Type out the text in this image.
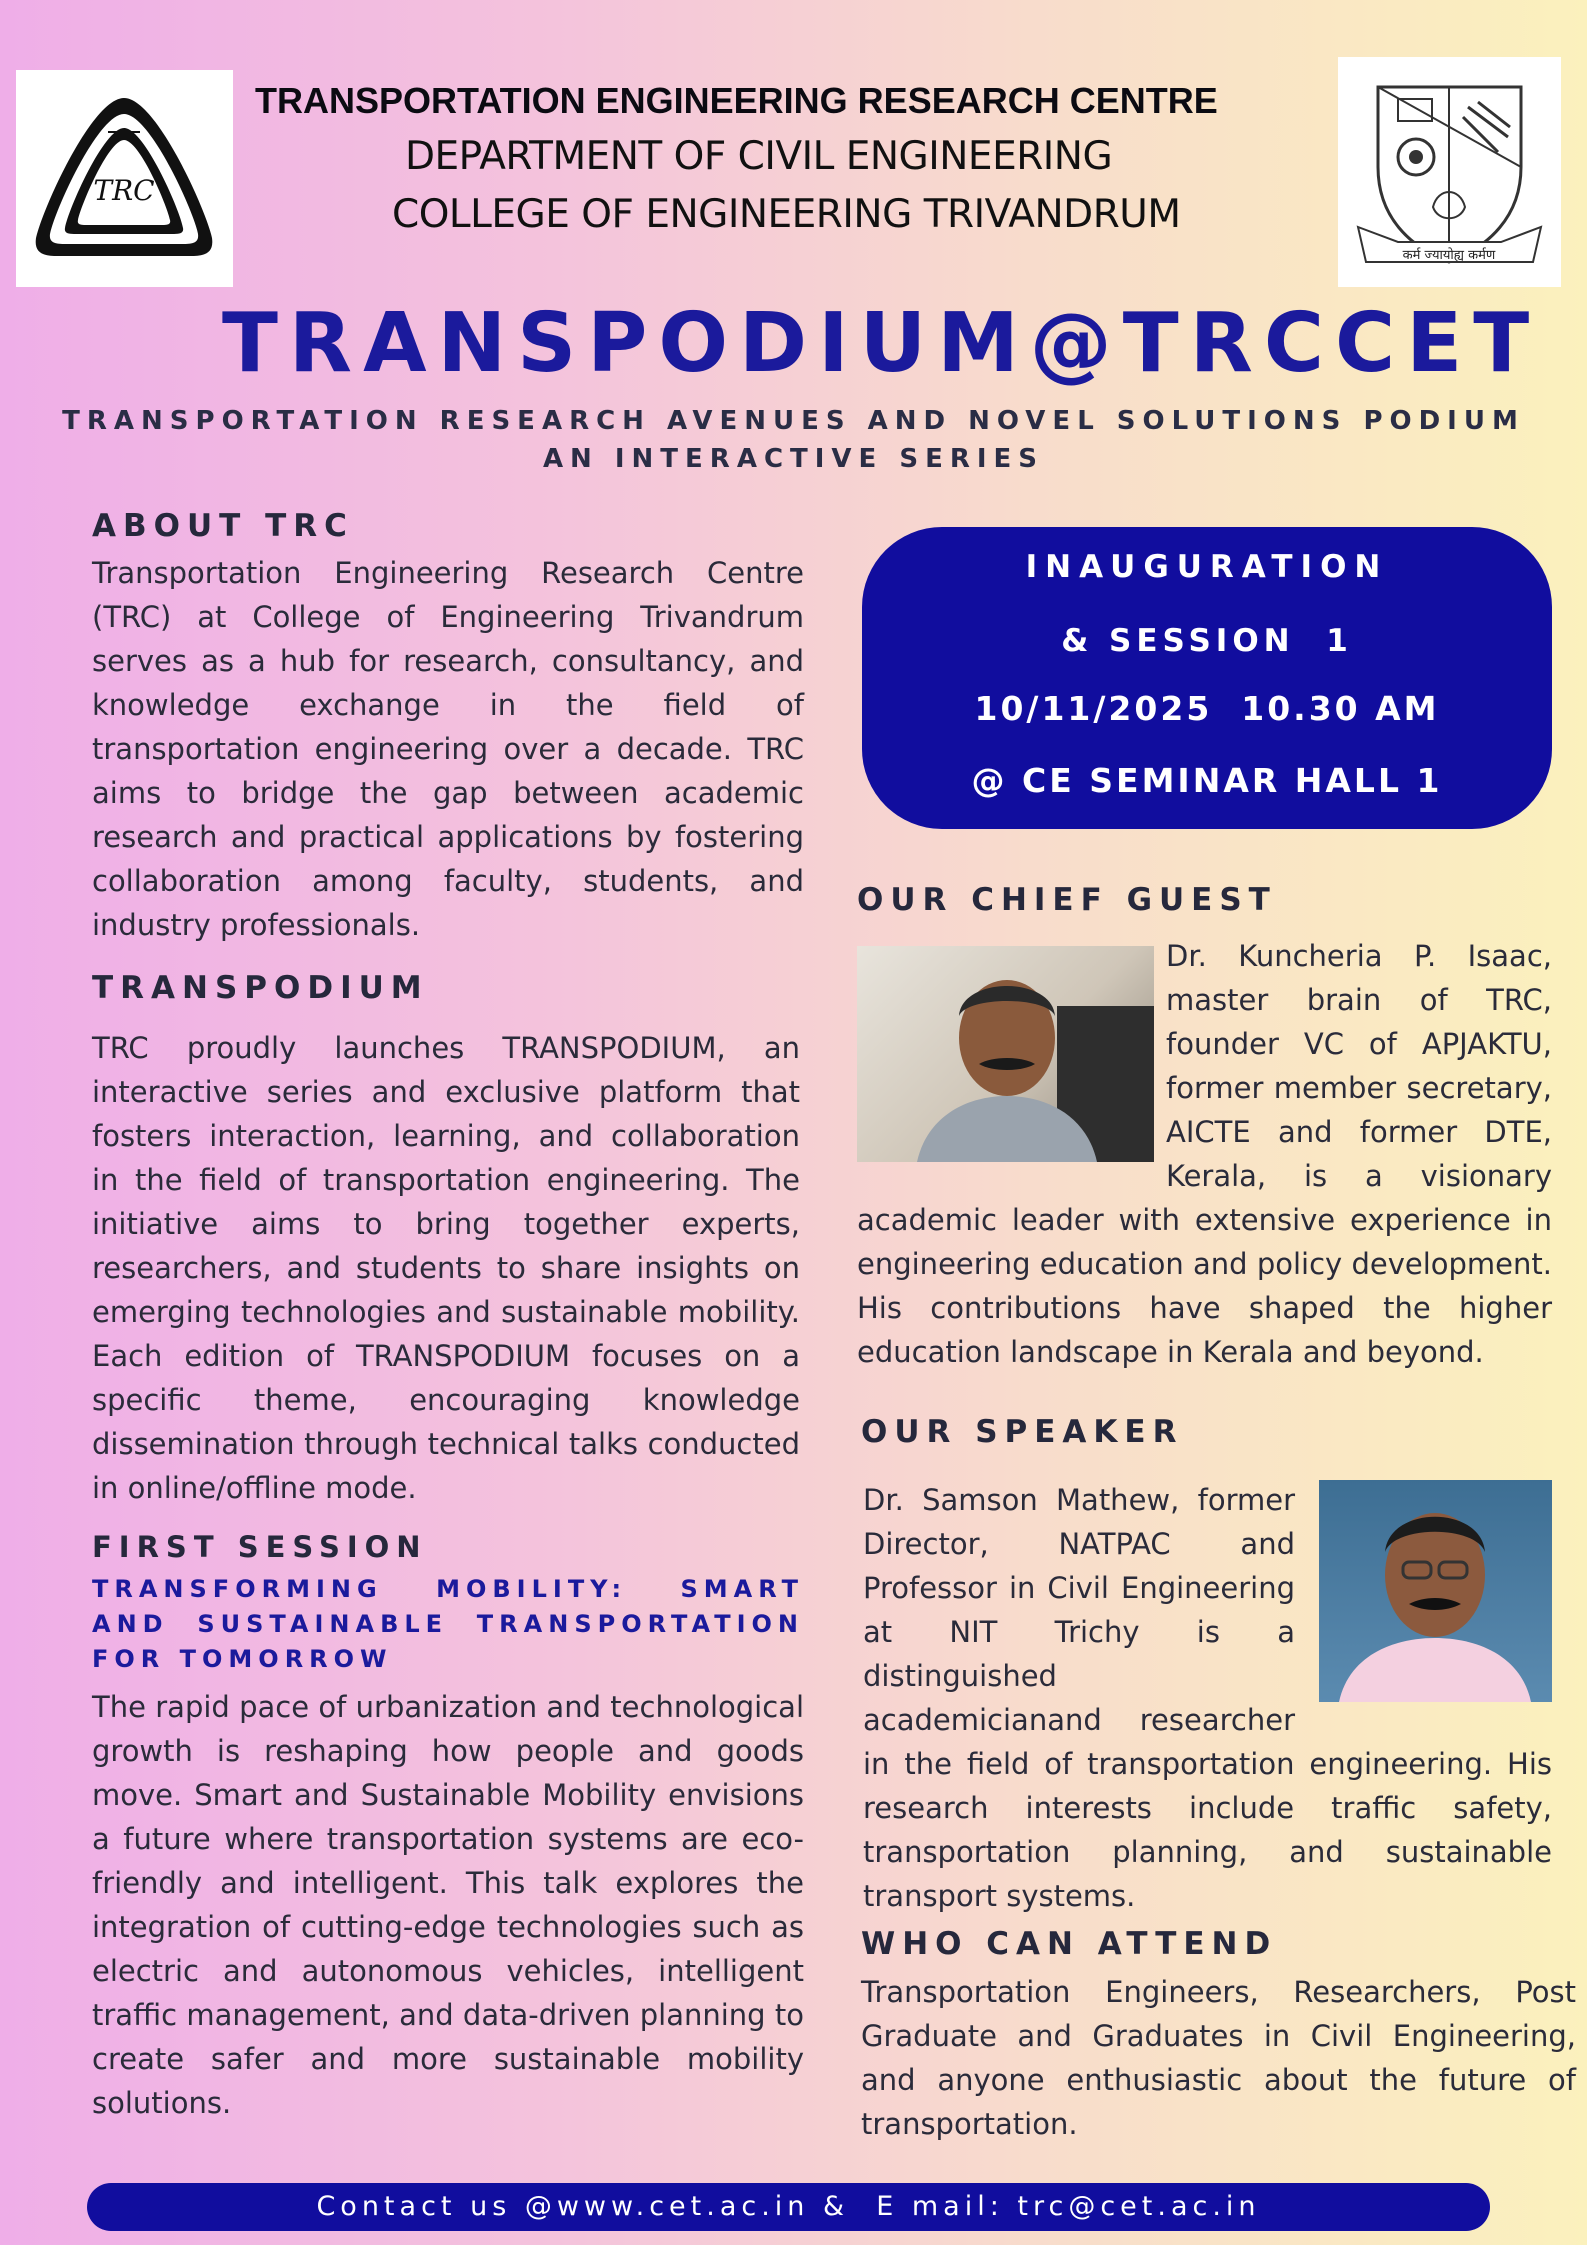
TRC
कर्म ज्यायोह्य कर्मण
TRANSPORTATION ENGINEERING RESEARCH CENTRE
DEPARTMENT OF CIVIL ENGINEERING
COLLEGE OF ENGINEERING TRIVANDRUM
TRANSPODIUM@TRCCET
TRANSPORTATION RESEARCH AVENUES AND NOVEL SOLUTIONS PODIUM
AN INTERACTIVE SERIES
ABOUT TRC
Transportation Engineering Research Centre (TRC) at College of Engineering Trivandrum serves as a hub for research, consultancy, and knowledge exchange in the field of transportation engineering over a decade. TRC aims to bridge the gap between academic research and practical applications by fostering collaboration among faculty, students, and industry professionals.
TRANSPODIUM
TRC proudly launches TRANSPODIUM, an interactive series and exclusive platform that fosters interaction, learning, and collaboration in the field of transportation engineering. The initiative aims to bring together experts, researchers, and students to share insights on emerging technologies and sustainable mobility. Each edition of TRANSPODIUM focuses on a specific theme, encouraging knowledge dissemination through technical talks conducted in online/offline mode.
FIRST SESSION
TRANSFORMING MOBILITY: SMART AND SUSTAINABLE TRANSPORTATION FOR TOMORROW
The rapid pace of urbanization and technological growth is reshaping how people and goods move. Smart and Sustainable Mobility envisions a future where transportation systems are eco-friendly and intelligent. This talk explores the integration of cutting-edge technologies such as electric and autonomous vehicles, intelligent traffic management, and data-driven planning to create safer and more sustainable mobility solutions.
INAUGURATION
& SESSION  1
10/11/2025  10.30 AM
@ CE SEMINAR HALL 1
OUR CHIEF GUEST
Dr. Kuncheria P. Isaac, master brain of TRC, founder VC of APJAKTU, former member secretary, AICTE and former DTE, Kerala, is a visionary academic leader with extensive experience in engineering education and policy development. His contributions have shaped the higher education landscape in Kerala and beyond.
OUR SPEAKER
Dr. Samson Mathew, former Director, NATPAC and Professor in Civil Engineering at NIT Trichy is a distinguished academicianand researcher in the field of transportation engineering. His research interests include traffic safety, transportation planning, and sustainable transport systems.
WHO CAN ATTEND
Transportation Engineers, Researchers, Post Graduate and Graduates in Civil Engineering, and anyone enthusiastic about the future of transportation.
Contact us @www.cet.ac.in &  E mail: trc@cet.ac.in
